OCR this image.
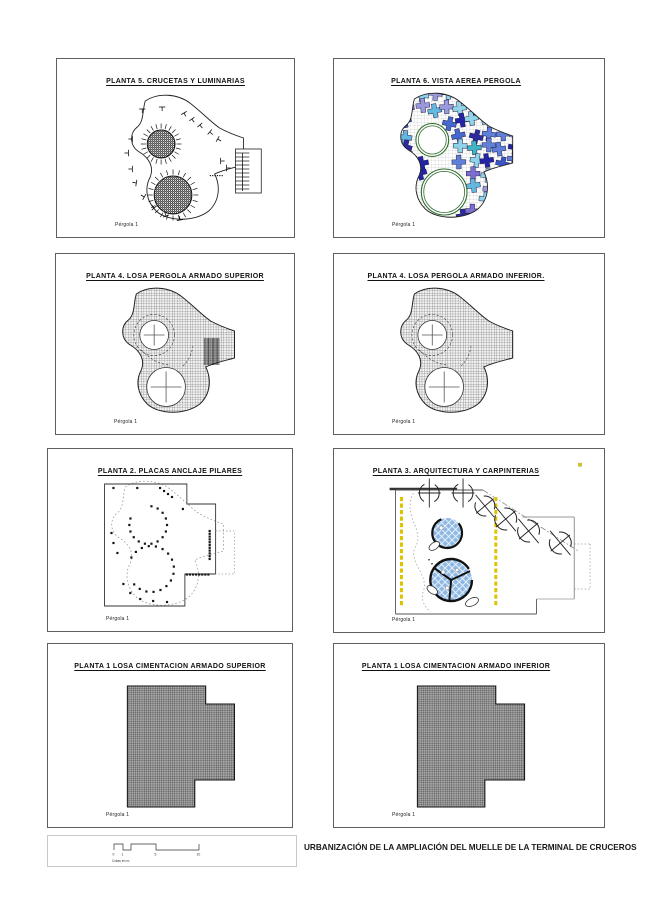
PLANTA 5. CRUCETAS Y LUMINARIAS
Pérgola 1
PLANTA 6. VISTA AEREA PERGOLA
Pérgola 1
PLANTA 4. LOSA PERGOLA ARMADO SUPERIOR
Pérgola 1
PLANTA 4. LOSA PERGOLA ARMADO INFERIOR.
Pérgola 1
PLANTA 2. PLACAS ANCLAJE PILARES
Pérgola 1
PLANTA 3. ARQUITECTURA Y CARPINTERIAS
Pérgola 1
PLANTA 1 LOSA CIMENTACION ARMADO SUPERIOR
Pérgola 1
PLANTA 1 LOSA CIMENTACION ARMADO INFERIOR
Pérgola 1
0 1	5	10
Cotas en m.
URBANIZACIÓN DE LA AMPLIACIÓN DEL MUELLE DE LA TERMINAL DE CRUCEROS
